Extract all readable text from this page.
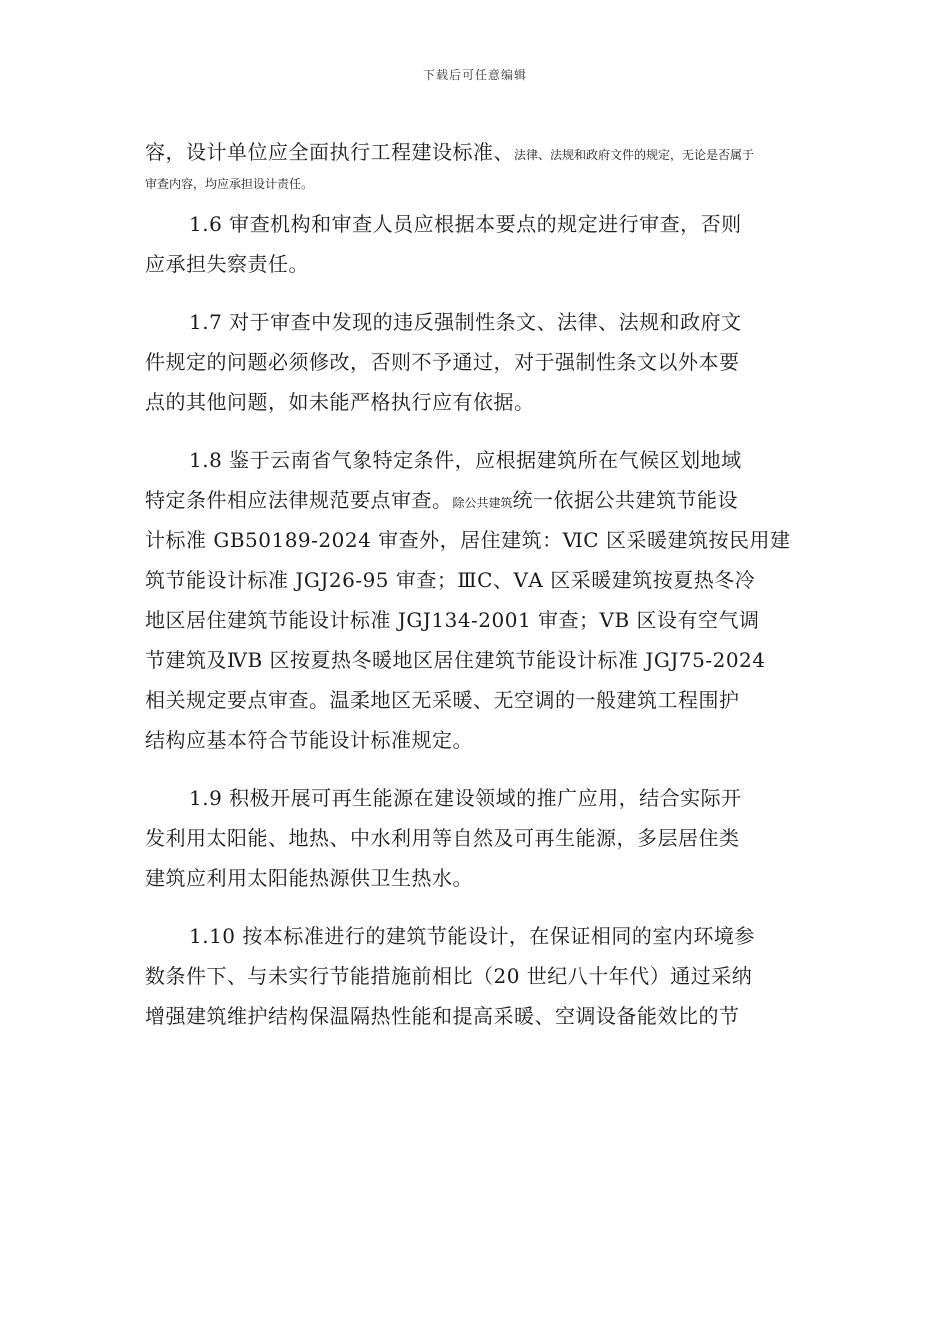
下载后可任意编辑
容，设计单位应全面执行工程建设标准、法律、法规和政府文件的规定，无论是否属于
审查内容，均应承担设计责任。
1.6 审查机构和审查人员应根据本要点的规定进行审查，否则
应承担失察责任。
1.7 对于审查中发现的违反强制性条文、法律、法规和政府文
件规定的问题必须修改，否则不予通过，对于强制性条文以外本要
点的其他问题，如未能严格执行应有依据。
1.8 鉴于云南省气象特定条件，应根据建筑所在气候区划地域
特定条件相应法律规范要点审查。除公共建筑统一依据公共建筑节能设
计标准 GB50189-2024 审查外，居住建筑：ⅥC 区采暖建筑按民用建
筑节能设计标准 JGJ26-95 审查；ⅢC、ⅤA 区采暖建筑按夏热冬冷
地区居住建筑节能设计标准 JGJ134-2001 审查；ⅤB 区设有空气调
节建筑及ⅣB 区按夏热冬暖地区居住建筑节能设计标准 JGJ75-2024
相关规定要点审查。温柔地区无采暖、无空调的一般建筑工程围护
结构应基本符合节能设计标准规定。
1.9 积极开展可再生能源在建设领域的推广应用，结合实际开
发利用太阳能、地热、中水利用等自然及可再生能源，多层居住类
建筑应利用太阳能热源供卫生热水。
1.10 按本标准进行的建筑节能设计，在保证相同的室内环境参
数条件下、与未实行节能措施前相比（20 世纪八十年代）通过采纳
增强建筑维护结构保温隔热性能和提高采暖、空调设备能效比的节
